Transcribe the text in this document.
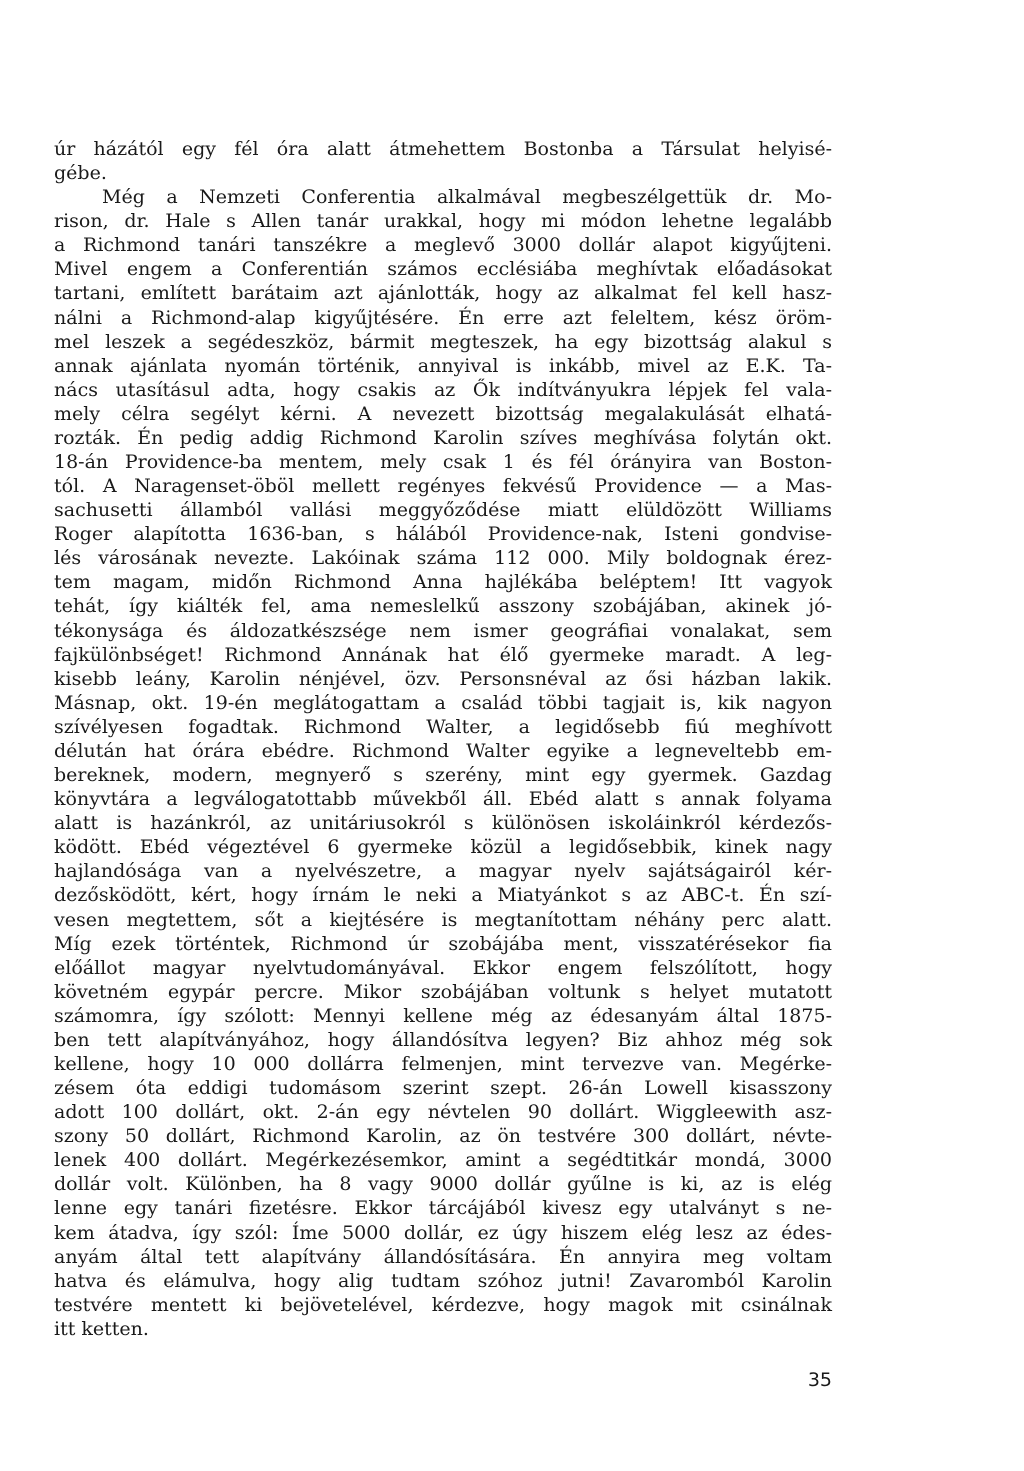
úr házától egy fél óra alatt átmehettem Bostonba a Társulat helyisé-
gébe.
Még a Nemzeti Conferentia alkalmával megbeszélgettük dr. Mo-
rison, dr. Hale s Allen tanár urakkal, hogy mi módon lehetne legalább
a Richmond tanári tanszékre a meglevő 3000 dollár alapot kigyűjteni.
Mivel engem a Conferentián számos ecclésiába meghívtak előadásokat
tartani, említett barátaim azt ajánlották, hogy az alkalmat fel kell hasz-
nálni a Richmond-alap kigyűjtésére. Én erre azt feleltem, kész öröm-
mel leszek a segédeszköz, bármit megteszek, ha egy bizottság alakul s
annak ajánlata nyomán történik, annyival is inkább, mivel az E.K. Ta-
nács utasításul adta, hogy csakis az Ők indítványukra lépjek fel vala-
mely célra segélyt kérni. A nevezett bizottság megalakulását elhatá-
rozták. Én pedig addig Richmond Karolin szíves meghívása folytán okt.
18-án Providence-ba mentem, mely csak 1 és fél órányira van Boston-
tól. A Naragenset-öböl mellett regényes fekvésű Providence — a Mas-
sachusetti államból vallási meggyőződése miatt elüldözött Williams
Roger alapította 1636-ban, s hálából Providence-nak, Isteni gondvise-
lés városának nevezte. Lakóinak száma 112 000. Mily boldognak érez-
tem magam, midőn Richmond Anna hajlékába beléptem! Itt vagyok
tehát, így kiálték fel, ama nemeslelkű asszony szobájában, akinek jó-
tékonysága és áldozatkészsége nem ismer geográfiai vonalakat, sem
fajkülönbséget! Richmond Annának hat élő gyermeke maradt. A leg-
kisebb leány, Karolin nénjével, özv. Personsnéval az ősi házban lakik.
Másnap, okt. 19-én meglátogattam a család többi tagjait is, kik nagyon
szívélyesen fogadtak. Richmond Walter, a legidősebb fiú meghívott
délután hat órára ebédre. Richmond Walter egyike a legneveltebb em-
bereknek, modern, megnyerő s szerény, mint egy gyermek. Gazdag
könyvtára a legválogatottabb művekből áll. Ebéd alatt s annak folyama
alatt is hazánkról, az unitáriusokról s különösen iskoláinkról kérdezős-
ködött. Ebéd végeztével 6 gyermeke közül a legidősebbik, kinek nagy
hajlandósága van a nyelvészetre, a magyar nyelv sajátságairól kér-
dezősködött, kért, hogy írnám le neki a Miatyánkot s az ABC-t. Én szí-
vesen megtettem, sőt a kiejtésére is megtanítottam néhány perc alatt.
Míg ezek történtek, Richmond úr szobájába ment, visszatérésekor fia
előállot magyar nyelvtudományával. Ekkor engem felszólított, hogy
követném egypár percre. Mikor szobájában voltunk s helyet mutatott
számomra, így szólott: Mennyi kellene még az édesanyám által 1875-
ben tett alapítványához, hogy állandósítva legyen? Biz ahhoz még sok
kellene, hogy 10 000 dollárra felmenjen, mint tervezve van. Megérke-
zésem óta eddigi tudomásom szerint szept. 26-án Lowell kisasszony
adott 100 dollárt, okt. 2-án egy névtelen 90 dollárt. Wiggleewith asz-
szony 50 dollárt, Richmond Karolin, az ön testvére 300 dollárt, névte-
lenek 400 dollárt. Megérkezésemkor, amint a segédtitkár mondá, 3000
dollár volt. Különben, ha 8 vagy 9000 dollár gyűlne is ki, az is elég
lenne egy tanári fizetésre. Ekkor tárcájából kivesz egy utalványt s ne-
kem átadva, így szól: Íme 5000 dollár, ez úgy hiszem elég lesz az édes-
anyám által tett alapítvány állandósítására. Én annyira meg voltam
hatva és elámulva, hogy alig tudtam szóhoz jutni! Zavaromból Karolin
testvére mentett ki bejövetelével, kérdezve, hogy magok mit csinálnak
itt ketten.
35
